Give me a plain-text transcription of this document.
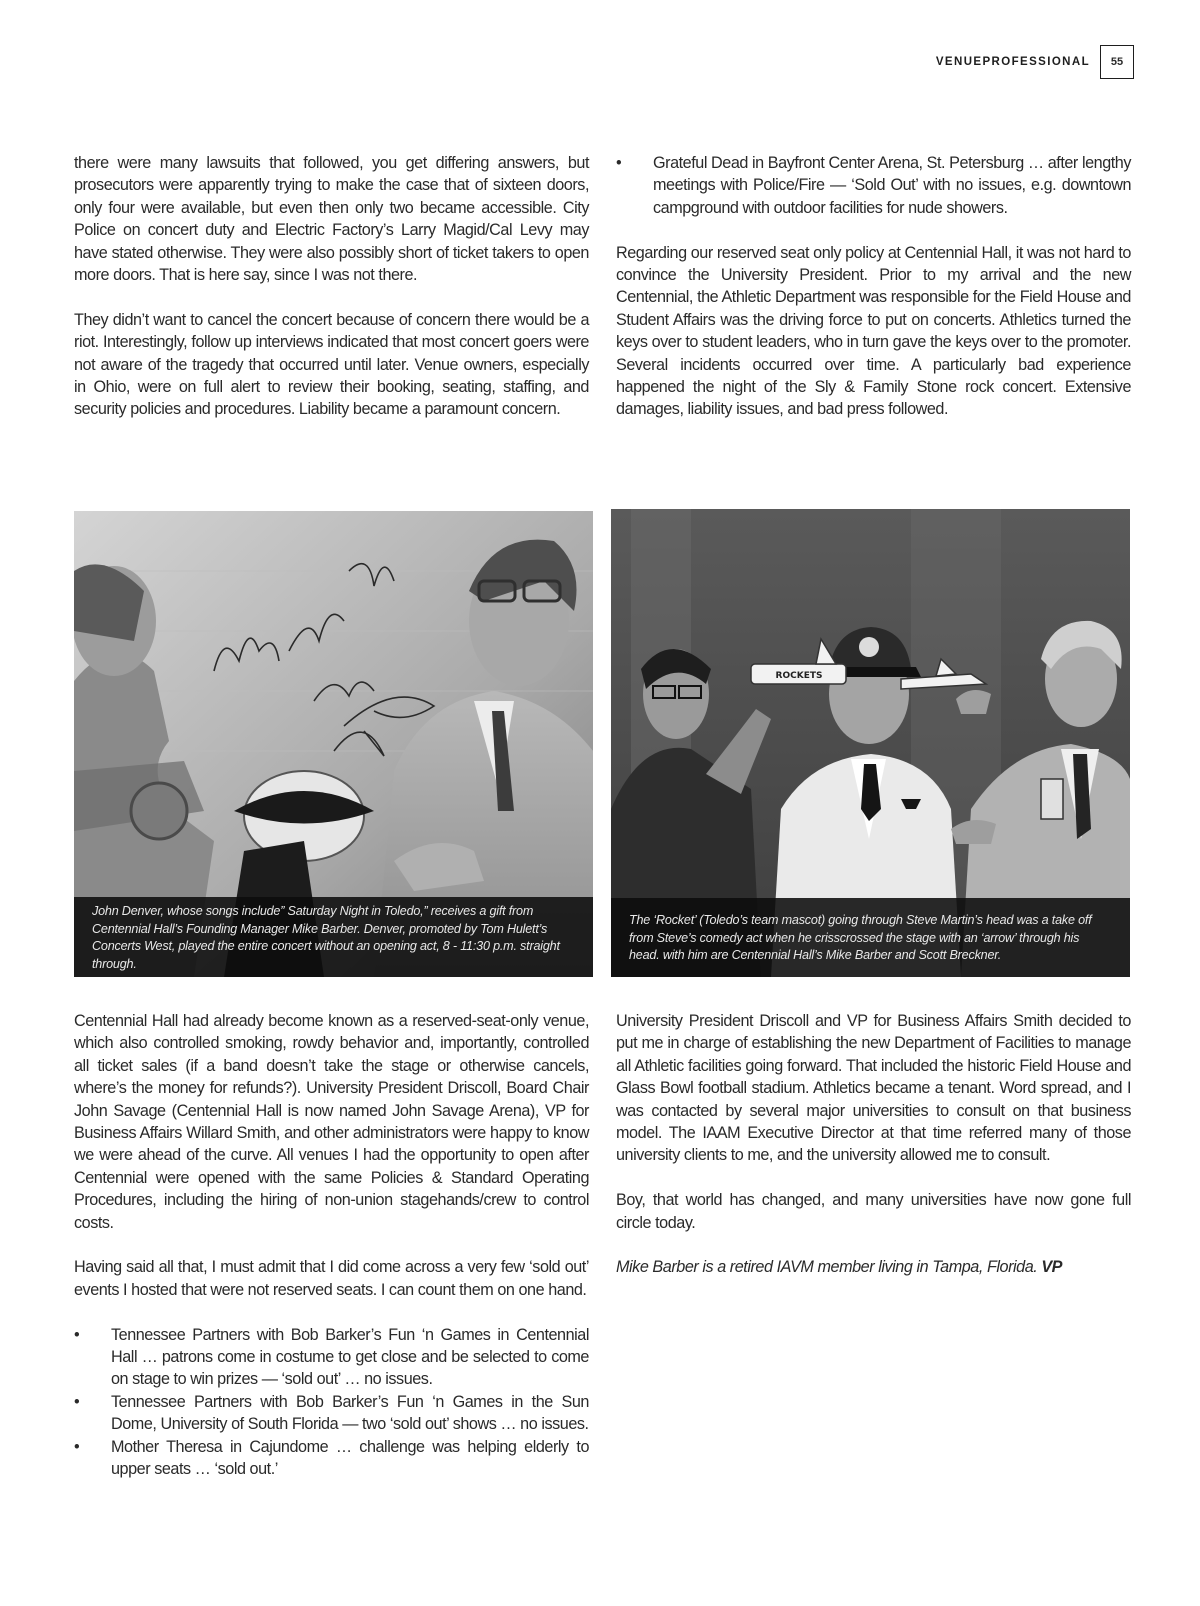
VENUEPROFESSIONAL	55

there were many lawsuits that followed, you get differing answers, but prosecutors were apparently trying to make the case that of sixteen doors, only four were available, but even then only two became accessible. City Police on concert duty and Electric Factory’s Larry Magid/Cal Levy may have stated otherwise. They were also possibly short of ticket takers to open more doors. That is here say, since I was not there.

They didn’t want to cancel the concert because of concern there would be a riot. Interestingly, follow up interviews indicated that most concert goers were not aware of the tragedy that occurred until later. Venue owners, especially in Ohio, were on full alert to review their booking, seating, staffing, and security policies and procedures. Liability became a paramount concern.

• Grateful Dead in Bayfront Center Arena, St. Petersburg … after lengthy meetings with Police/Fire — ‘Sold Out’ with no issues, e.g. downtown campground with outdoor facilities for nude showers.

Regarding our reserved seat only policy at Centennial Hall, it was not hard to convince the University President. Prior to my arrival and the new Centennial, the Athletic Department was responsible for the Field House and Student Affairs was the driving force to put on concerts. Athletics turned the keys over to student leaders, who in turn gave the keys over to the promoter. Several incidents occurred over time. A particularly bad experience happened the night of the Sly & Family Stone rock concert. Extensive damages, liability issues, and bad press followed.

John Denver, whose songs include” Saturday Night in Toledo,” receives a gift from Centennial Hall’s Founding Manager Mike Barber. Denver, promoted by Tom Hulett’s Concerts West, played the entire concert without an opening act, 8 - 11:30 p.m. straight through.
ROCKETS
The ‘Rocket’ (Toledo’s team mascot) going through Steve Martin’s head was a take off from Steve’s comedy act when he crisscrossed the stage with an ‘arrow’ through his head. with him are Centennial Hall’s Mike Barber and Scott Breckner.

Centennial Hall had already become known as a reserved-seat-only venue, which also controlled smoking, rowdy behavior and, importantly, controlled all ticket sales (if a band doesn’t take the stage or otherwise cancels, where’s the money for refunds?). University President Driscoll, Board Chair John Savage (Centennial Hall is now named John Savage Arena), VP for Business Affairs Willard Smith, and other administrators were happy to know we were ahead of the curve. All venues I had the opportunity to open after Centennial were opened with the same Policies & Standard Operating Procedures, including the hiring of non-union stagehands/crew to control costs.

Having said all that, I must admit that I did come across a very few ‘sold out’ events I hosted that were not reserved seats. I can count them on one hand.

• Tennessee Partners with Bob Barker’s Fun ‘n Games in Centennial Hall … patrons come in costume to get close and be selected to come on stage to win prizes — ‘sold out’ … no issues.
• Tennessee Partners with Bob Barker’s Fun ‘n Games in the Sun Dome, University of South Florida — two ‘sold out’ shows … no issues.
• Mother Theresa in Cajundome … challenge was helping elderly to upper seats … ‘sold out.’

University President Driscoll and VP for Business Affairs Smith decided to put me in charge of establishing the new Department of Facilities to manage all Athletic facilities going forward. That included the historic Field House and Glass Bowl football stadium. Athletics became a tenant. Word spread, and I was contacted by several major universities to consult on that business model. The IAAM Executive Director at that time referred many of those university clients to me, and the university allowed me to consult.

Boy, that world has changed, and many universities have now gone full circle today.

Mike Barber is a retired IAVM member living in Tampa, Florida. VP
